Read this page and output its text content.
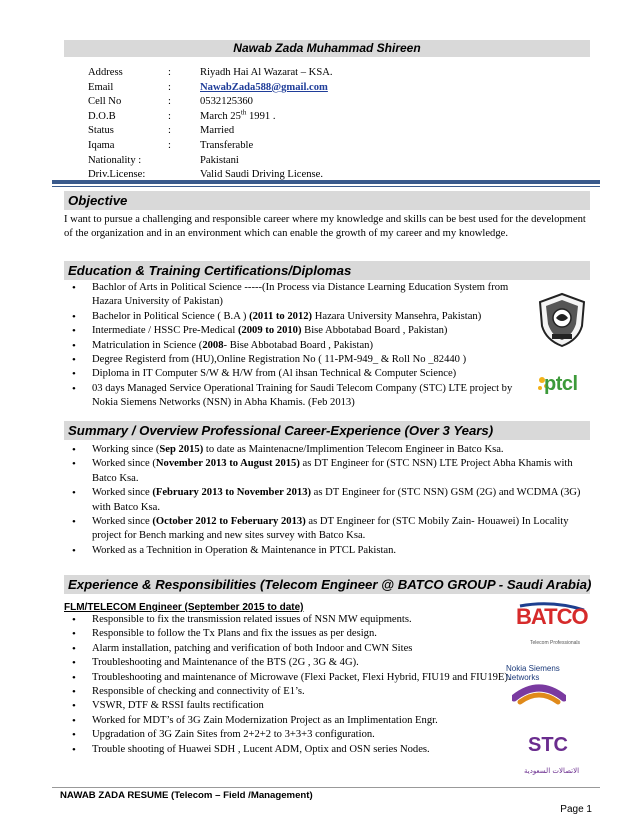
Nawab Zada Muhammad Shireen
Address	:	Riyadh Hai Al Wazarat – KSA.
Email	:	NawabZada588@gmail.com
Cell No	:	0532125360
D.O.B	:	March 25th 1991 .
Status	:	Married
Iqama	:	Transferable
Nationality :	Pakistani
Driv.License:	Valid Saudi Driving License.
Objective
I want to pursue a challenging and responsible career where my knowledge and skills can be best used for the development of the organization and in an environment which can enable the growth of my career and my knowledge.
Education & Training Certifications/Diplomas
• Bachlor of Arts in Political Science -----(In Process via Distance Learning Education System from Hazara University of Pakistan)
• Bachelor in Political Science ( B.A ) (2011 to 2012) Hazara University Mansehra, Pakistan)
• Intermediate / HSSC Pre-Medical (2009 to 2010) Bise Abbotabad Board , Pakistan)
• Matriculation in Science (2008- Bise Abbotabad Board , Pakistan)
• Degree Registerd from (HU),Online Registration No ( 11-PM-949_ & Roll No _82440 )
• Diploma in IT Computer S/W & H/W from (Al ihsan Technical & Computer Science)
• 03 days Managed Service Operational Training for Saudi Telecom Company (STC) LTE project by Nokia Siemens Networks (NSN) in Abha Khamis. (Feb 2013)
ptcl
Summary / Overview Professional Career-Experience (Over 3 Years)
• Working since (Sep 2015) to date as Maintenacne/Implimention Telecom Engineer in Batco Ksa.
• Worked since (November 2013 to August 2015) as DT Engineer for (STC NSN) LTE Project Abha Khamis with Batco Ksa.
• Worked since (February 2013 to November 2013) as DT Engineer for (STC NSN) GSM (2G) and WCDMA (3G) with Batco Ksa.
• Worked since (October 2012 to Feberuary 2013) as DT Engineer for (STC Mobily Zain- Houawei) In Locality project for Bench marking and new sites survey with Batco Ksa.
• Worked as a Technition in Operation & Maintenance in PTCL Pakistan.
Experience & Responsibilities (Telecom Engineer @ BATCO GROUP - Saudi Arabia)
FLM/TELECOM Engineer (September 2015 to date)
• Responsible to fix the transmission related issues of NSN MW equipments.
• Responsible to follow the Tx Plans and fix the issues as per design.
• Alarm installation, patching and verification of both Indoor and CWN Sites
• Troubleshooting and Maintenance of the BTS (2G , 3G & 4G).
• Troubleshooting and maintenance of Microwave (Flexi Packet, Flexi Hybrid, FIU19 and FIU19E).
• Responsible of checking and connectivity of E1’s.
• VSWR, DTF & RSSI faults rectification
• Worked for MDT’s of 3G Zain Modernization Project as an Implimentation Engr.
• Upgradation of 3G Zain Sites from 2+2+2 to 3+3+3 configuration.
• Trouble shooting of Huawei SDH , Lucent ADM, Optix and OSN series Nodes.
BATCO
Telecom Professionals
Nokia Siemens Networks
STC
الاتصالات السعودية
NAWAB ZADA RESUME (Telecom – Field /Management)
Page 1
